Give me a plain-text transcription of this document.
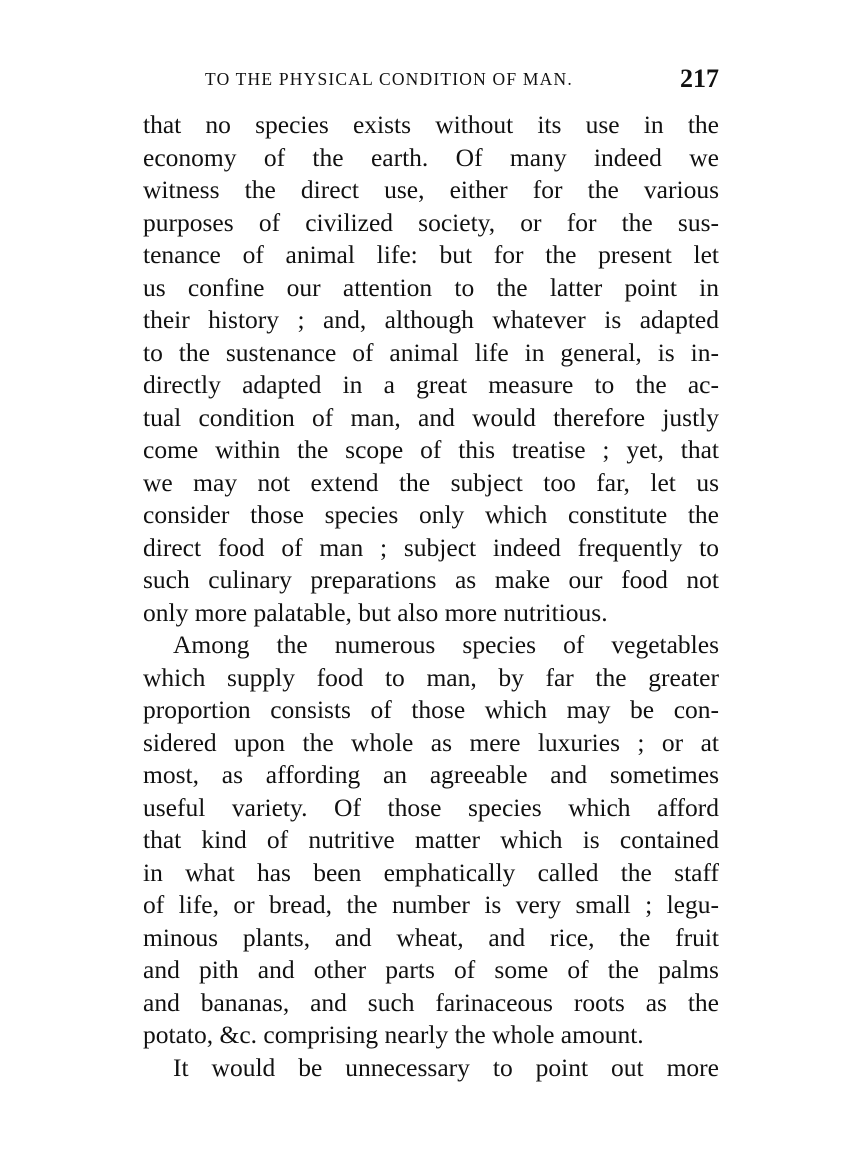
TO THE PHYSICAL CONDITION OF MAN.	217
that no species exists without its use in the
economy of the earth. Of many indeed we
witness the direct use, either for the various
purposes of civilized society, or for the sus-
tenance of animal life: but for the present let
us confine our attention to the latter point in
their history ; and, although whatever is adapted
to the sustenance of animal life in general, is in-
directly adapted in a great measure to the ac-
tual condition of man, and would therefore justly
come within the scope of this treatise ; yet, that
we may not extend the subject too far, let us
consider those species only which constitute the
direct food of man ; subject indeed frequently to
such culinary preparations as make our food not
only more palatable, but also more nutritious.
Among the numerous species of vegetables
which supply food to man, by far the greater
proportion consists of those which may be con-
sidered upon the whole as mere luxuries ; or at
most, as affording an agreeable and sometimes
useful variety. Of those species which afford
that kind of nutritive matter which is contained
in what has been emphatically called the staff
of life, or bread, the number is very small ; legu-
minous plants, and wheat, and rice, the fruit
and pith and other parts of some of the palms
and bananas, and such farinaceous roots as the
potato, &c. comprising nearly the whole amount.
It would be unnecessary to point out more
